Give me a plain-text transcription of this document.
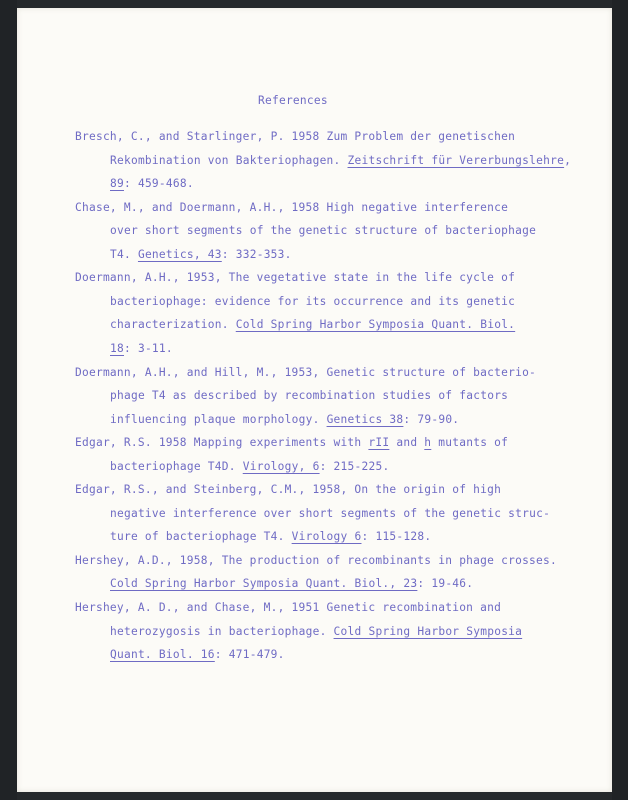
References
Bresch, C., and Starlinger, P. 1958 Zum Problem der genetischen
Rekombination von Bakteriophagen. Zeitschrift für Vererbungslehre,
89: 459-468.
Chase, M., and Doermann, A.H., 1958 High negative interference
over short segments of the genetic structure of bacteriophage
T4. Genetics, 43: 332-353.
Doermann, A.H., 1953, The vegetative state in the life cycle of
bacteriophage: evidence for its occurrence and its genetic
characterization. Cold Spring Harbor Symposia Quant. Biol.
18: 3-11.
Doermann, A.H., and Hill, M., 1953, Genetic structure of bacterio-
phage T4 as described by recombination studies of factors
influencing plaque morphology. Genetics 38: 79-90.
Edgar, R.S. 1958 Mapping experiments with rII and h mutants of
bacteriophage T4D. Virology, 6: 215-225.
Edgar, R.S., and Steinberg, C.M., 1958, On the origin of high
negative interference over short segments of the genetic struc-
ture of bacteriophage T4. Virology 6: 115-128.
Hershey, A.D., 1958, The production of recombinants in phage crosses.
Cold Spring Harbor Symposia Quant. Biol., 23: 19-46.
Hershey, A. D., and Chase, M., 1951 Genetic recombination and
heterozygosis in bacteriophage. Cold Spring Harbor Symposia
Quant. Biol. 16: 471-479.
